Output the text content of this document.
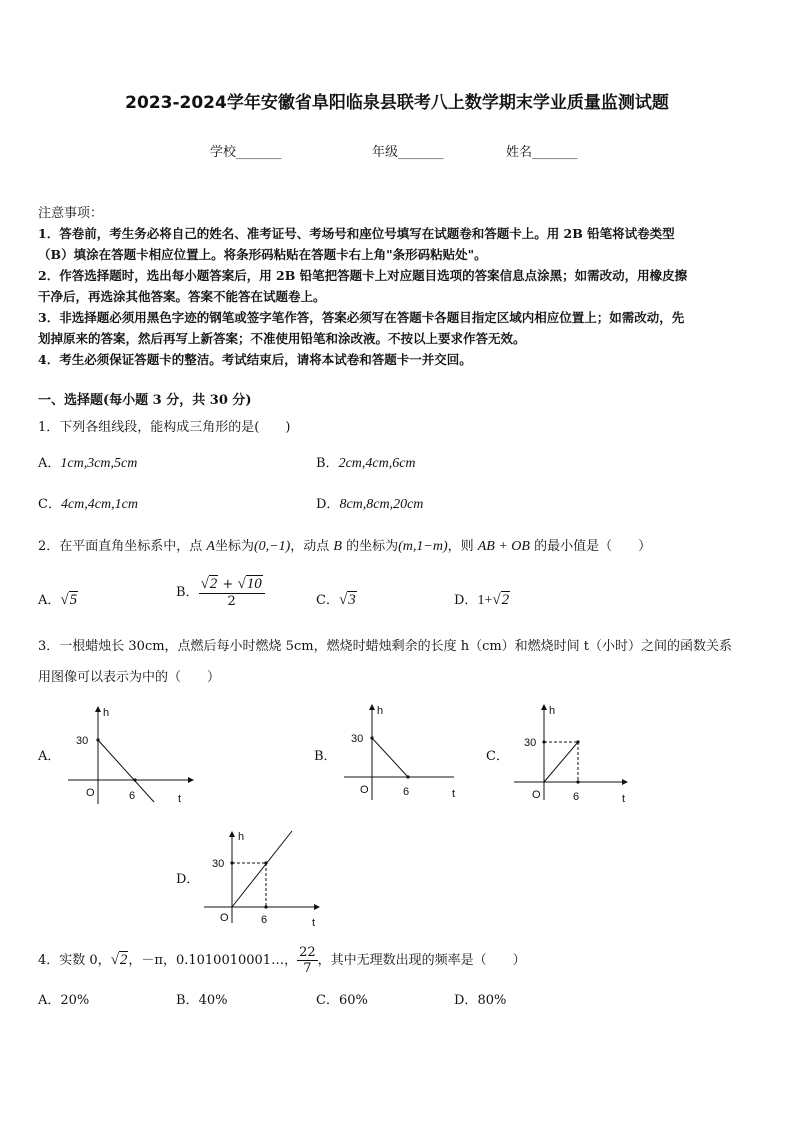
2023-2024学年安徽省阜阳临泉县联考八上数学期末学业质量监测试题
学校_______	年级_______	姓名_______
注意事项：
1．答卷前，考生务必将自己的姓名、准考证号、考场号和座位号填写在试题卷和答题卡上。用 2B 铅笔将试卷类型
（B）填涂在答题卡相应位置上。将条形码粘贴在答题卡右上角"条形码粘贴处"。
2．作答选择题时，选出每小题答案后，用 2B 铅笔把答题卡上对应题目选项的答案信息点涂黑；如需改动，用橡皮擦
干净后，再选涂其他答案。答案不能答在试题卷上。
3．非选择题必须用黑色字迹的钢笔或签字笔作答，答案必须写在答题卡各题目指定区域内相应位置上；如需改动，先
划掉原来的答案，然后再写上新答案；不准使用铅笔和涂改液。不按以上要求作答无效。
4．考生必须保证答题卡的整洁。考试结束后，请将本试卷和答题卡一并交回。
一、选择题(每小题 3 分，共 30 分)
1．下列各组线段，能构成三角形的是(　　)
A．1cm,3cm,5cm	B．2cm,4cm,6cm
C．4cm,4cm,1cm	D．8cm,8cm,20cm
2．在平面直角坐标系中，点 A坐标为(0,−1)，动点 B 的坐标为(m,1−m)，则 AB + OB 的最小值是（　　）
A．√5	B． $\frac{√2 + √10}{2}$	C．√3	D．1+√2
3．一根蜡烛长 30cm，点燃后每小时燃烧 5cm，燃烧时蜡烛剩余的长度 h（cm）和燃烧时间 t（小时）之间的函数关系
用图像可以表示为中的（　　）
A．
h
30
O	6	t
B．
h
30
O	6	t
C．
h
30
O	6	t
D．
h
30
O	6	t
4．实数 0，√2，－π，0.1010010001…， $\frac{22}{7}$ ，其中无理数出现的频率是（　　）
A．20%	B．40%	C．60%	D．80%
